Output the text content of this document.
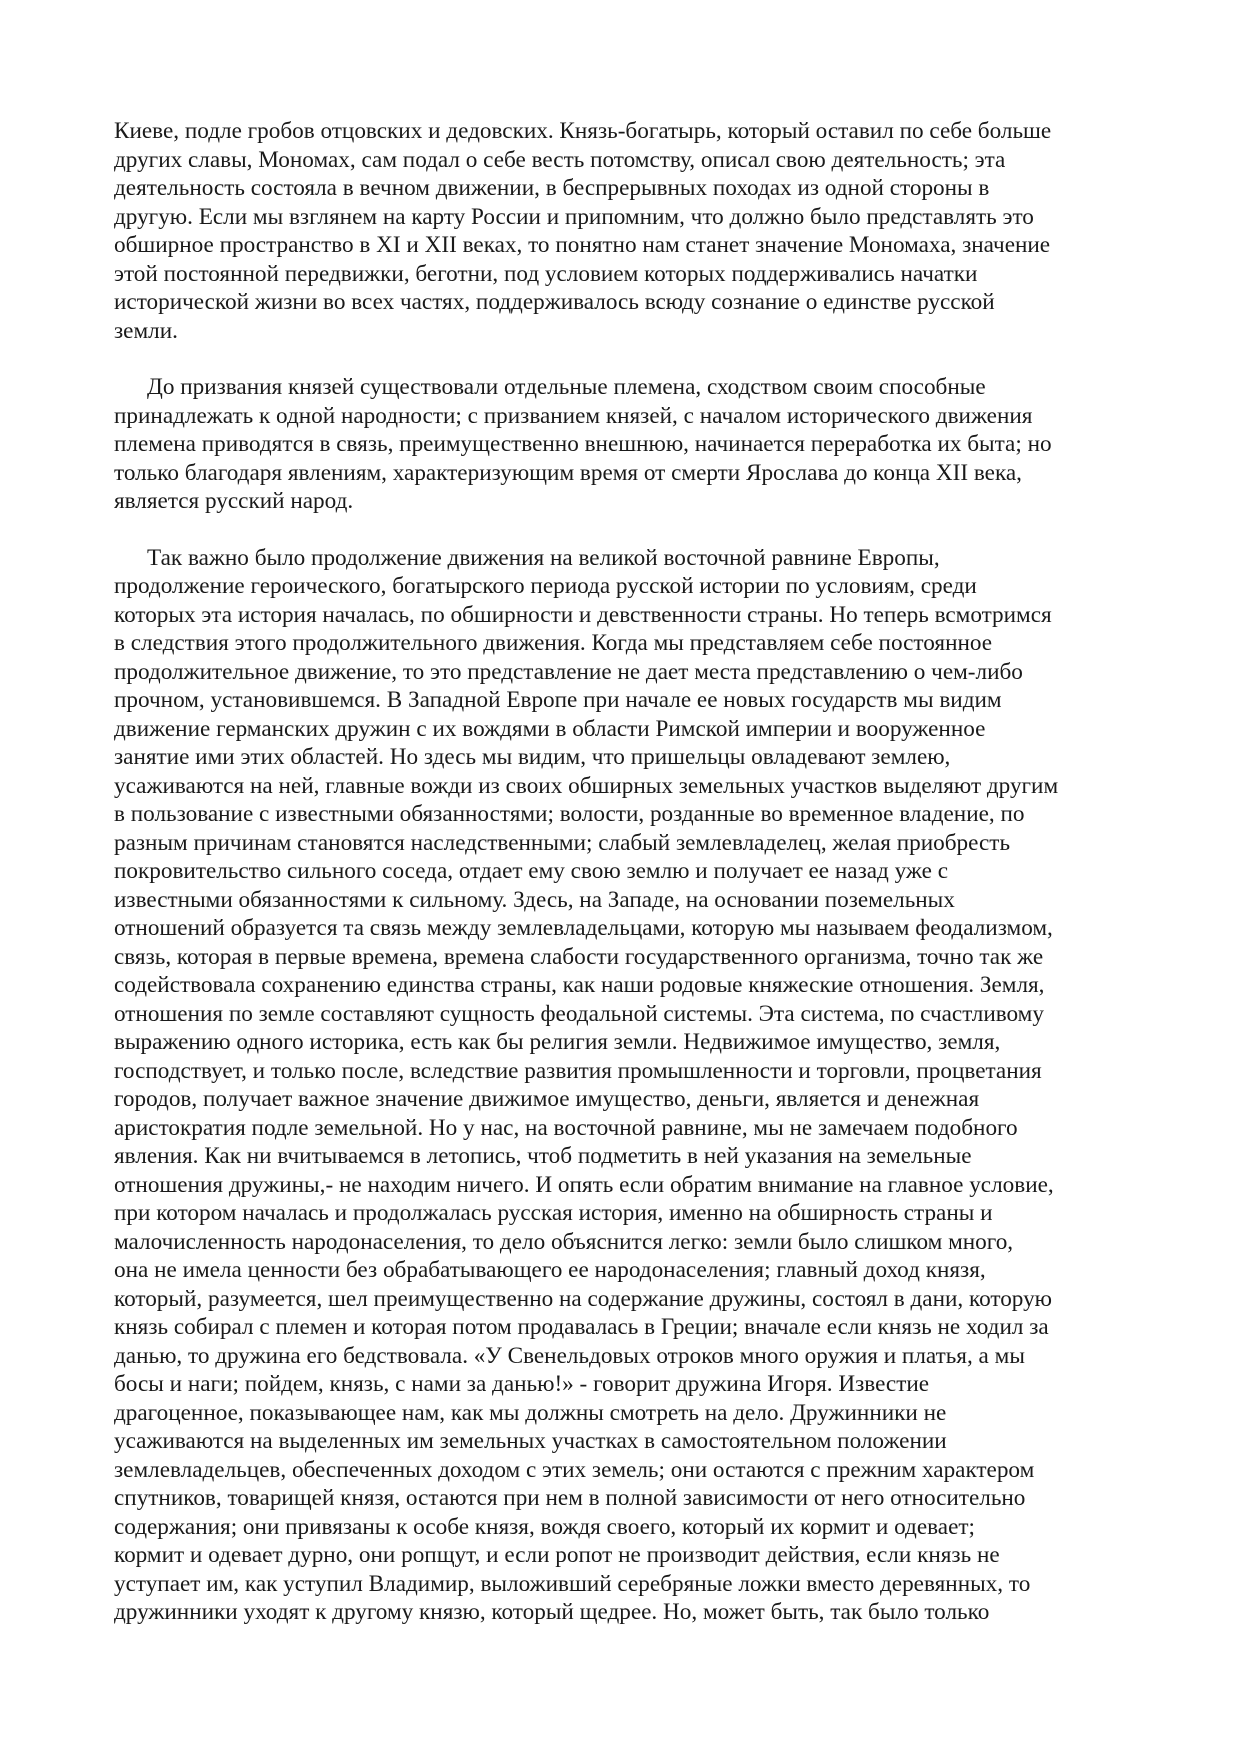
Киеве, подле гробов отцовских и дедовских. Князь-богатырь, который оставил по себе больше
других славы, Мономах, сам подал о себе весть потомству, описал свою деятельность; эта
деятельность состояла в вечном движении, в беспрерывных походах из одной стороны в
другую. Если мы взглянем на карту России и припомним, что должно было представлять это
обширное пространство в XI и XII веках, то понятно нам станет значение Мономаха, значение
этой постоянной передвижки, беготни, под условием которых поддерживались начатки
исторической жизни во всех частях, поддерживалось всюду сознание о единстве русской
земли.

До призвания князей существовали отдельные племена, сходством своим способные
принадлежать к одной народности; с призванием князей, с началом исторического движения
племена приводятся в связь, преимущественно внешнюю, начинается переработка их быта; но
только благодаря явлениям, характеризующим время от смерти Ярослава до конца XII века,
является русский народ.

Так важно было продолжение движения на великой восточной равнине Европы,
продолжение героического, богатырского периода русской истории по условиям, среди
которых эта история началась, по обширности и девственности страны. Но теперь всмотримся
в следствия этого продолжительного движения. Когда мы представляем себе постоянное
продолжительное движение, то это представление не дает места представлению о чем-либо
прочном, установившемся. В Западной Европе при начале ее новых государств мы видим
движение германских дружин с их вождями в области Римской империи и вооруженное
занятие ими этих областей. Но здесь мы видим, что пришельцы овладевают землею,
усаживаются на ней, главные вожди из своих обширных земельных участков выделяют другим
в пользование с известными обязанностями; волости, розданные во временное владение, по
разным причинам становятся наследственными; слабый землевладелец, желая приобресть
покровительство сильного соседа, отдает ему свою землю и получает ее назад уже с
известными обязанностями к сильному. Здесь, на Западе, на основании поземельных
отношений образуется та связь между землевладельцами, которую мы называем феодализмом,
связь, которая в первые времена, времена слабости государственного организма, точно так же
содействовала сохранению единства страны, как наши родовые княжеские отношения. Земля,
отношения по земле составляют сущность феодальной системы. Эта система, по счастливому
выражению одного историка, есть как бы религия земли. Недвижимое имущество, земля,
господствует, и только после, вследствие развития промышленности и торговли, процветания
городов, получает важное значение движимое имущество, деньги, является и денежная
аристократия подле земельной. Но у нас, на восточной равнине, мы не замечаем подобного
явления. Как ни вчитываемся в летопись, чтоб подметить в ней указания на земельные
отношения дружины,- не находим ничего. И опять если обратим внимание на главное условие,
при котором началась и продолжалась русская история, именно на обширность страны и
малочисленность народонаселения, то дело объяснится легко: земли было слишком много,
она не имела ценности без обрабатывающего ее народонаселения; главный доход князя,
который, разумеется, шел преимущественно на содержание дружины, состоял в дани, которую
князь собирал с племен и которая потом продавалась в Греции; вначале если князь не ходил за
данью, то дружина его бедствовала. «У Свенельдовых отроков много оружия и платья, а мы
босы и наги; пойдем, князь, с нами за данью!» - говорит дружина Игоря. Известие
драгоценное, показывающее нам, как мы должны смотреть на дело. Дружинники не
усаживаются на выделенных им земельных участках в самостоятельном положении
землевладельцев, обеспеченных доходом с этих земель; они остаются с прежним характером
спутников, товарищей князя, остаются при нем в полной зависимости от него относительно
содержания; они привязаны к особе князя, вождя своего, который их кормит и одевает;
кормит и одевает дурно, они ропщут, и если ропот не производит действия, если князь не
уступает им, как уступил Владимир, выложивший серебряные ложки вместо деревянных, то
дружинники уходят к другому князю, который щедрее. Но, может быть, так было только
